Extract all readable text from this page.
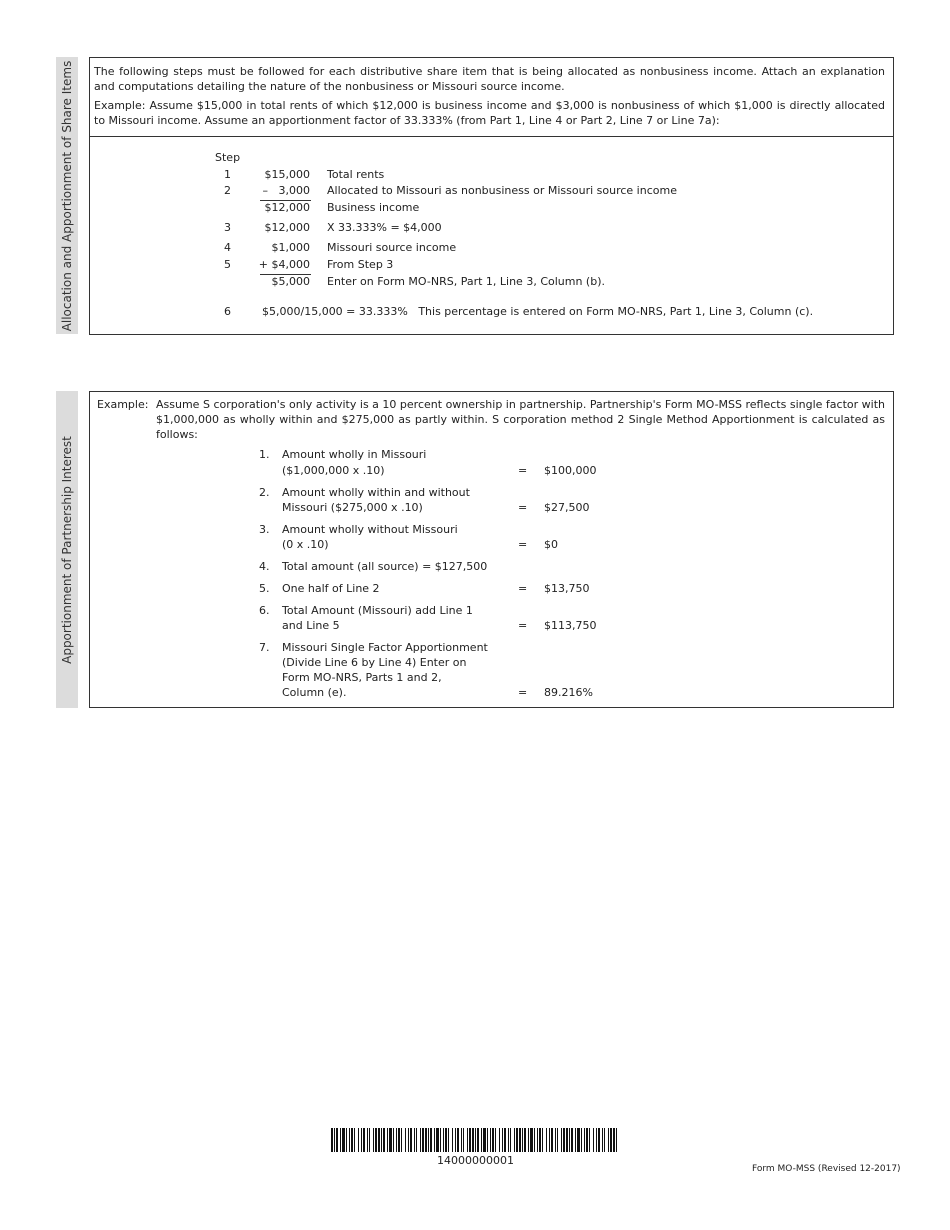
Allocation and Apportionment of Share Items The following steps must be followed for each distributive share item that is being allocated as nonbusiness income. Attach an explanation and computations detailing the nature of the nonbusiness or Missouri source income.

Example: Assume $15,000 in total rents of which $12,000 is business income and $3,000 is nonbusiness of which $1,000 is directly allocated to Missouri income. Assume an apportionment factor of 33.333% (from Part 1, Line 4 or Part 2, Line 7 or Line 7a):

Step
1	$15,000 Total rents
2	–   3,000 Allocated to Missouri as nonbusiness or Missouri source income
$12,000 Business income
3	$12,000 X 33.333% = $4,000
4	$1,000 Missouri source income
5	+ $4,000 From Step 3
$5,000 Enter on Form MO-NRS, Part 1, Line 3, Column (b).
6	$5,000/15,000 = 33.333%   This percentage is entered on Form MO-NRS, Part 1, Line 3, Column (c).
Apportionment of Partnership Interest
Example: Assume S corporation's only activity is a 10 percent ownership in partnership. Partnership's Form MO-MSS reflects single factor with $1,000,000 as wholly within and $275,000 as partly within. S corporation method 2 Single Method Apportionment is calculated as follows:

1. Amount wholly in Missouri
($1,000,000 x .10)	= $100,000
2. Amount wholly within and without
Missouri ($275,000 x .10)	= $27,500
3. Amount wholly without Missouri
(0 x .10)	= $0
4. Total amount (all source) = $127,500
5. One half of Line 2	= $13,750
6. Total Amount (Missouri) add Line 1
and Line 5	= $113,750
7. Missouri Single Factor Apportionment
(Divide Line 6 by Line 4) Enter on
Form MO-NRS, Parts 1 and 2,
Column (e).	= 89.216%
14000000001
Form MO-MSS (Revised 12-2017)
